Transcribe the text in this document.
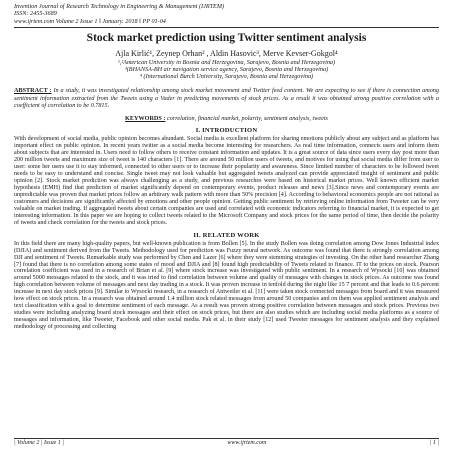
Invention Journal of Research Technology in Engineering & Management (IJRTEM)
ISSN: 2455-3689
www.ijrtem.com Volume 2 Issue 1 ǁ January. 2018 ǁ PP 01-04
Stock market prediction using Twitter sentiment analysis
Ajla Kirlić¹, Zeynep Orhan² , Aldin Hasovic³, Merve Kevser-Gokgol⁴
¹,²American University in Bosnia and Herzegovina, Sarajevo, Bosnia and Herzegovina)
³(BHANSA-BH air navigation service agency, Sarajevo, Bosnia and Herzegovina)
⁴ (International Burch University, Sarajevo, Bosnia and Herzegovina)
ABSTRACT : In a study, it was investigated relationship among stock market movement and Twitter feed content. We are expecting to see if there is connection among sentiment information extracted from the Tweets using a Vader in predicting movements of stock prices. As a result it was obtained strong positive correlation with a coefficient of correlation to be 0.7815.
KEYWORDS : correlation, financial market, polarity, sentiment analysis, tweets
I. INTRODUCTION
With development of social media, public opinion becomes abundant. Social media is excellent platform for sharing emotions publicly about any subject and as platform has important effect on public opinion. In recent years twitter as a social media become interesting for researchers. As real time information, connects users and inform them about subjects that are interested in. Users need to follow others to receive constant information and updates. It is a great source of data since users every day post more than 200 million tweets and maximum size of tweet is 140 characters [1]. There are around 50 million users of tweets, and motives for using that social media differ from user to user: some her users use it to stay informed, connected to other users or to increase their popularity and awareness. Since limited number of characters to be followed tweet needs to be easy to understand and concise. Single tweet may not look valuable but aggregated tweets analyzed can provide appreciated insight of sentiment and public opinion [2]. Stock market prediction was always challenging as a study, and previous researches were based on historical market prices. Well known efficient market hypothesis (EMH) find that prediction of market significantly depend on contemporary events, product releases and news [3].Since news and contemporary events are unpredictable was proven that market prices follow an arbitrary walk pattern with more than 50% precision [4]. According to behavioral economics people are not rational as customers and decisions are significantly affected by emotions and other people opinion. Getting public sentiment by retrieving online information from Tweeter can be very valuable on market trading. If aggregated tweets about certain companies are used and correlated with economic indicators referring to financial market, it is expected to get interesting information. In this paper we are hoping to collect tweets related to the Microsoft Company and stock prices for the same period of time, then decide the polarity of tweets and check correlation for the tweets and stock prices.
II. RELATED WORK
In this field there are many high-quality papers, but well-known publication is from Bollen [5]. In the study Bollen was doing correlation among Dow Jones Industrial index (DJIA) and sentiment derived from the Tweets. Methodology used for prediction was Fuzzy neural network. As outcome was found that there is strongly correlation among DJI and sentiment of Tweets. Remarkable study was performed by Chen and Lazer [6] where they were stemming strategies of investing. On the other hand researcher Zhang [7] found that there is no correlation among some states of mood and DJIA and [8] found high predictability of Tweets related to finance. IT to the prices on stock. Pearson correlation coefficient was used in a research of Brian et al. [9] where stock increase was investigated with public sentiment. In a research of Wysocki [10] was obtained around 5000 messages related to the stock, and it was tried to find correlation between volume and quality of messages with changes in stock prices. As outcome was found high correlation between volume of messages and next day trading in a stock. It was proven increase in tenfold during the night like 15 7 percent and that leads to 0.6 percent increase in next day stock prices [9]. Similar to Wysocki research, in a research of Antweiler et al. [11] were taken stock connected messages from board and it was measured how effect on stock prices. In a research was obtained around 1.4 million stock related messages from around 50 companies and on them was applied sentiment analysis and text classification with a goal to determine sentiment of each message. As a result was proven strong positive correlation between messages and stock prices. Previous two studies were including analyzing board stock messages and their effect on stock prices, but there are also studies which are including social media platforms as a source of messages and information, like Tweeter, Facebook and other social media. Pak et al. in their study [12] used Tweeter messages for sentiment analysis and they explained methodology of processing and collecting
| Volume 2 | Issue 1 |	www.ijrtem.com	| 1 |
